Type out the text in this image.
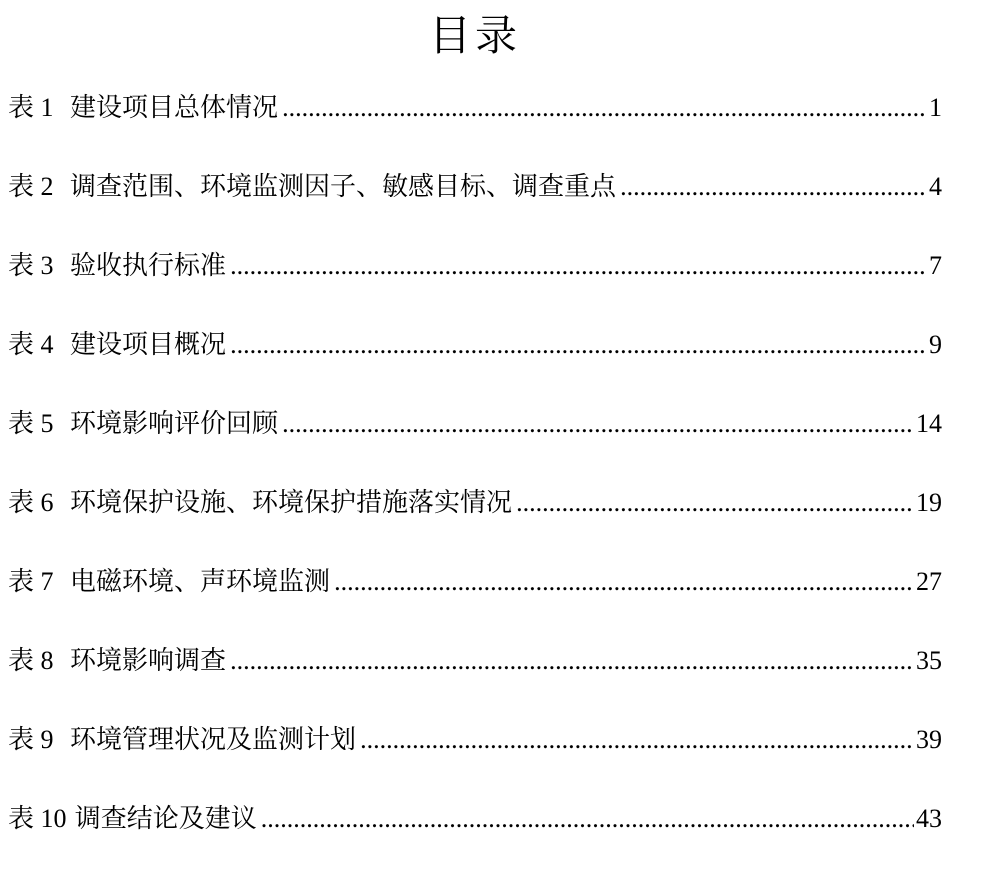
目录
表 1 建设项目总体情况 .....	1
表 2 调查范围、环境监测因子、敏感目标、调查重点 .....	4
表 3 验收执行标准 .....	7
表 4 建设项目概况 .....	9
表 5 环境影响评价回顾 .....	14
表 6 环境保护设施、环境保护措施落实情况 .....	19
表 7 电磁环境、声环境监测 .....	27
表 8 环境影响调查 .....	35
表 9 环境管理状况及监测计划 .....	39
表 10 调查结论及建议 .....	43
